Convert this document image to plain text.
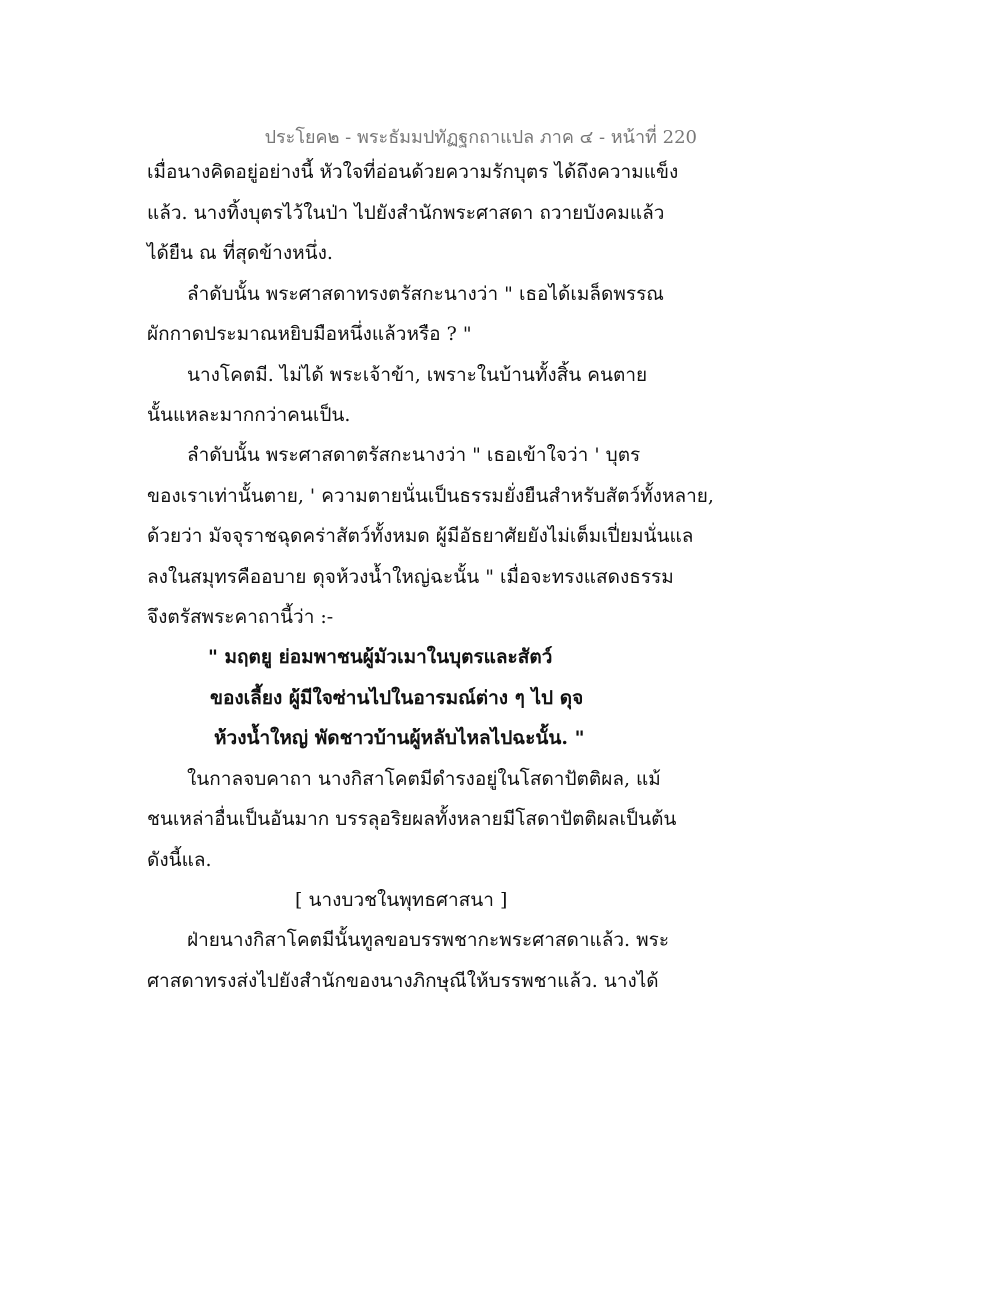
ประโยค๒ - พระธัมมปทัฏฐกถาแปล ภาค ๔ - หน้าที่ 220
เมื่อนางคิดอยู่อย่างนี้ หัวใจที่อ่อนด้วยความรักบุตร ได้ถึงความแข็ง
แล้ว. นางทิ้งบุตรไว้ในป่า ไปยังสำนักพระศาสดา ถวายบังคมแล้ว
ได้ยืน ณ ที่สุดข้างหนึ่ง.
ลำดับนั้น พระศาสดาทรงตรัสกะนางว่า " เธอได้เมล็ดพรรณ
ผักกาดประมาณหยิบมือหนึ่งแล้วหรือ ? "
นางโคตมี. ไม่ได้ พระเจ้าข้า, เพราะในบ้านทั้งสิ้น คนตาย
นั้นแหละมากกว่าคนเป็น.
ลำดับนั้น พระศาสดาตรัสกะนางว่า " เธอเข้าใจว่า ' บุตร
ของเราเท่านั้นตาย, ' ความตายนั่นเป็นธรรมยั่งยืนสำหรับสัตว์ทั้งหลาย,
ด้วยว่า มัจจุราชฉุดคร่าสัตว์ทั้งหมด ผู้มีอัธยาศัยยังไม่เต็มเปี่ยมนั่นแล
ลงในสมุทรคืออบาย ดุจห้วงน้ำใหญ่ฉะนั้น " เมื่อจะทรงแสดงธรรม
จึงตรัสพระคาถานี้ว่า :-
" มฤตยู ย่อมพาชนผู้มัวเมาในบุตรและสัตว์
ของเลี้ยง ผู้มีใจซ่านไปในอารมณ์ต่าง ๆ ไป ดุจ
ห้วงน้ำใหญ่ พัดชาวบ้านผู้หลับไหลไปฉะนั้น. "
ในกาลจบคาถา นางกิสาโคตมีดำรงอยู่ในโสดาปัตติผล, แม้
ชนเหล่าอื่นเป็นอันมาก บรรลุอริยผลทั้งหลายมีโสดาปัตติผลเป็นต้น
ดังนี้แล.
[ นางบวชในพุทธศาสนา ]
ฝ่ายนางกิสาโคตมีนั้นทูลขอบรรพชากะพระศาสดาแล้ว. พระ
ศาสดาทรงส่งไปยังสำนักของนางภิกษุณีให้บรรพชาแล้ว. นางได้
